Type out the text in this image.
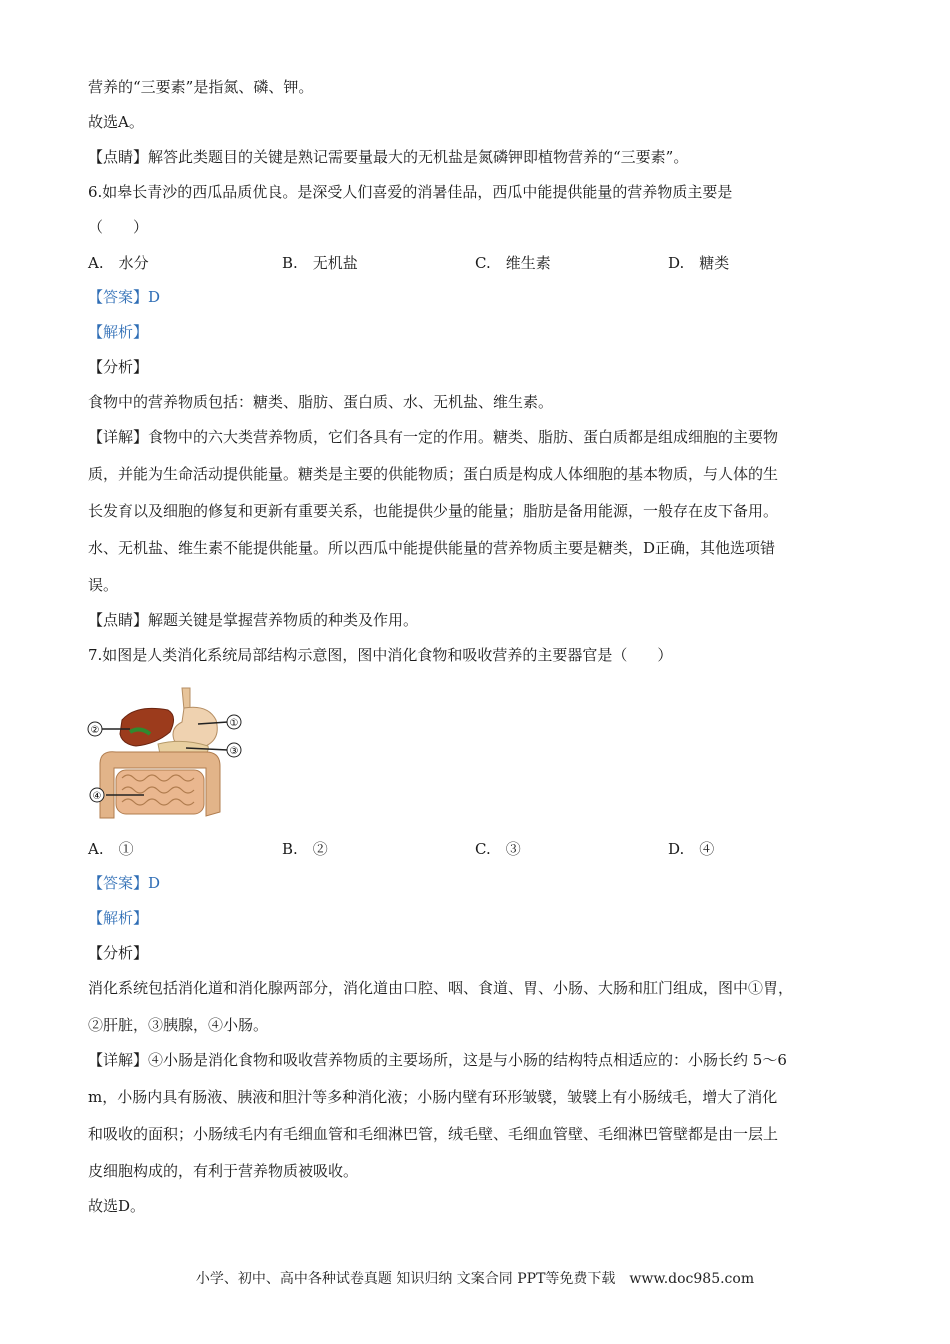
营养的“三要素”是指氮、磷、钾。
故选A。
【点睛】解答此类题目的关键是熟记需要量最大的无机盐是氮磷钾即植物营养的“三要素”。
6.如皋长青沙的西瓜品质优良。是深受人们喜爱的消暑佳品，西瓜中能提供能量的营养物质主要是
（　　）
A.　水分	B.　无机盐	C.　维生素	D.　糖类
【答案】D
【解析】
【分析】
食物中的营养物质包括：糖类、脂肪、蛋白质、水、无机盐、维生素。
【详解】食物中的六大类营养物质，它们各具有一定的作用。糖类、脂肪、蛋白质都是组成细胞的主要物
质，并能为生命活动提供能量。糖类是主要的供能物质；蛋白质是构成人体细胞的基本物质，与人体的生
长发育以及细胞的修复和更新有重要关系，也能提供少量的能量；脂肪是备用能源，一般存在皮下备用。
水、无机盐、维生素不能提供能量。所以西瓜中能提供能量的营养物质主要是糖类，D正确，其他选项错
误。
【点睛】解题关键是掌握营养物质的种类及作用。
7.如图是人类消化系统局部结构示意图，图中消化食物和吸收营养的主要器官是（　　）
①
②
③
④
A.　①	B.　②	C.　③	D.　④
【答案】D
【解析】
【分析】
消化系统包括消化道和消化腺两部分，消化道由口腔、咽、食道、胃、小肠、大肠和肛门组成，图中①胃，
②肝脏，③胰腺，④小肠。
【详解】④小肠是消化食物和吸收营养物质的主要场所，这是与小肠的结构特点相适应的：小肠长约 5～6
m，小肠内具有肠液、胰液和胆汁等多种消化液；小肠内壁有环形皱襞，皱襞上有小肠绒毛，增大了消化
和吸收的面积；小肠绒毛内有毛细血管和毛细淋巴管，绒毛壁、毛细血管壁、毛细淋巴管壁都是由一层上
皮细胞构成的，有利于营养物质被吸收。
故选D。
小学、初中、高中各种试卷真题 知识归纳 文案合同 PPT等免费下载　www.doc985.com
